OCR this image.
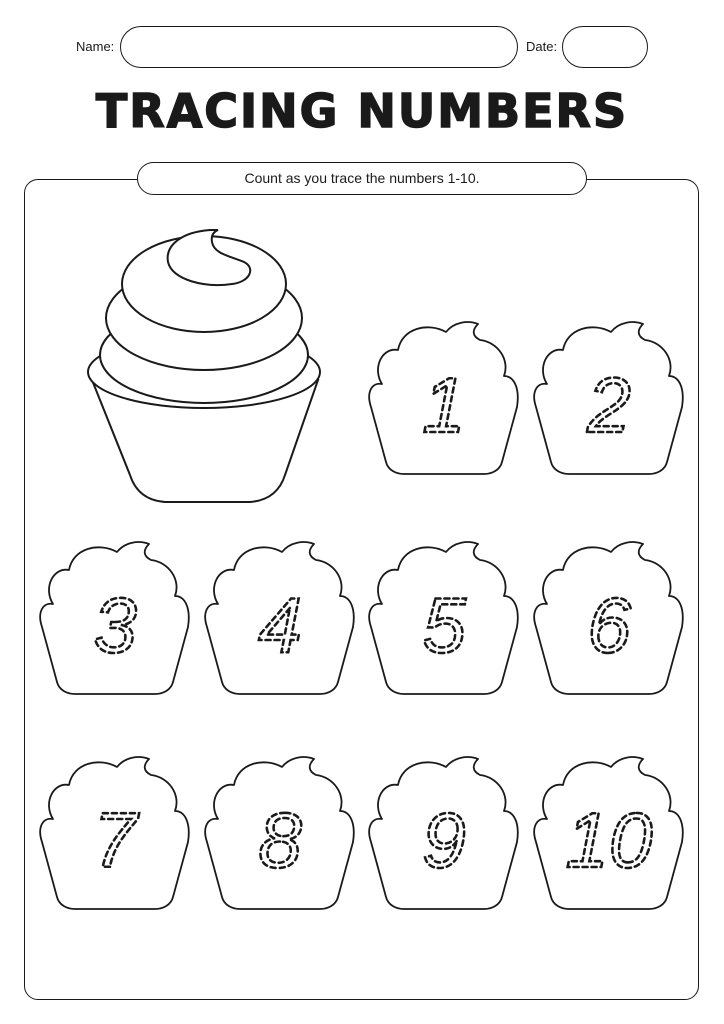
Name:	Date:
TRACING NUMBERS
Count as you trace the numbers 1-10.
1 2
3 4 5 6
7 8 9 10
